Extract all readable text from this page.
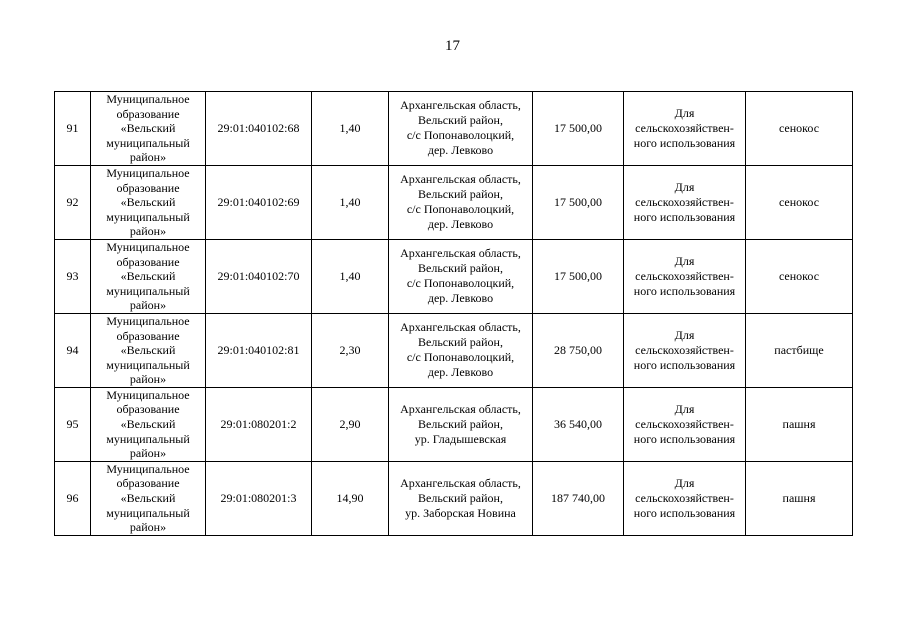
17
91	Муниципальное
образование
«Вельский
муниципальный
район»	29:01:040102:68	1,40	Архангельская область,
Вельский район,
с/с Попонаволоцкий,
дер. Левково	17 500,00	Для
сельскохозяйствен-
ного использования	сенокос
92	Муниципальное
образование
«Вельский
муниципальный
район»	29:01:040102:69	1,40	Архангельская область,
Вельский район,
с/с Попонаволоцкий,
дер. Левково	17 500,00	Для
сельскохозяйствен-
ного использования	сенокос
93	Муниципальное
образование
«Вельский
муниципальный
район»	29:01:040102:70	1,40	Архангельская область,
Вельский район,
с/с Попонаволоцкий,
дер. Левково	17 500,00	Для
сельскохозяйствен-
ного использования	сенокос
94	Муниципальное
образование
«Вельский
муниципальный
район»	29:01:040102:81	2,30	Архангельская область,
Вельский район,
с/с Попонаволоцкий,
дер. Левково	28 750,00	Для
сельскохозяйствен-
ного использования	пастбище
95	Муниципальное
образование
«Вельский
муниципальный
район»	29:01:080201:2	2,90	Архангельская область,
Вельский район,
ур. Гладышевская	36 540,00	Для
сельскохозяйствен-
ного использования	пашня
96	Муниципальное
образование
«Вельский
муниципальный
район»	29:01:080201:3	14,90	Архангельская область,
Вельский район,
ур. Заборская Новина	187 740,00	Для
сельскохозяйствен-
ного использования	пашня
